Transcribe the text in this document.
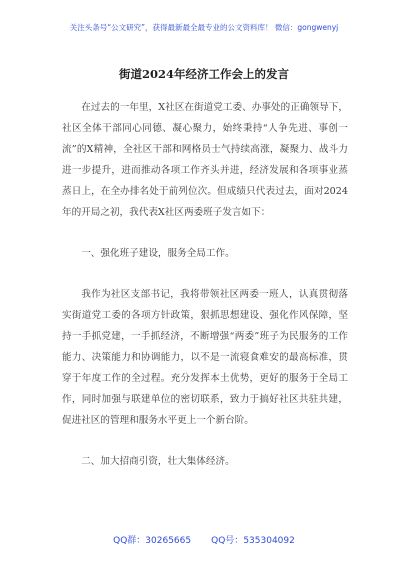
关注头条号“公文研究”，获得最新最全最专业的公文资料库！ 微信：gongwenyj
街道2024年经济工作会上的发言

在过去的一年里，X社区在街道党工委、办事处的正确领导下，社区全体干部同心同德、凝心聚力，始终秉持“人争先进、事创一流”的X精神，全社区干部和网格员士气持续高涨，凝聚力、战斗力进一步提升，进而推动各项工作齐头并进，经济发展和各项事业蒸蒸日上，在全办排名处于前列位次。但成绩只代表过去，面对2024年的开局之初，我代表X社区两委班子发言如下：

一、强化班子建设，服务全局工作。

我作为社区支部书记，我将带领社区两委一班人，认真贯彻落实街道党工委的各项方针政策，狠抓思想建设、强化作风保障，坚持一手抓党建，一手抓经济，不断增强“两委”班子为民服务的工作能力、决策能力和协调能力，以不是一流寝食难安的最高标准，贯穿于年度工作的全过程。充分发挥本土优势，更好的服务于全局工作，同时加强与联建单位的密切联系，致力于搞好社区共驻共建，促进社区的管理和服务水平更上一个新台阶。

二、加大招商引资，壮大集体经济。

QQ群：30265665 QQ号：535304092
